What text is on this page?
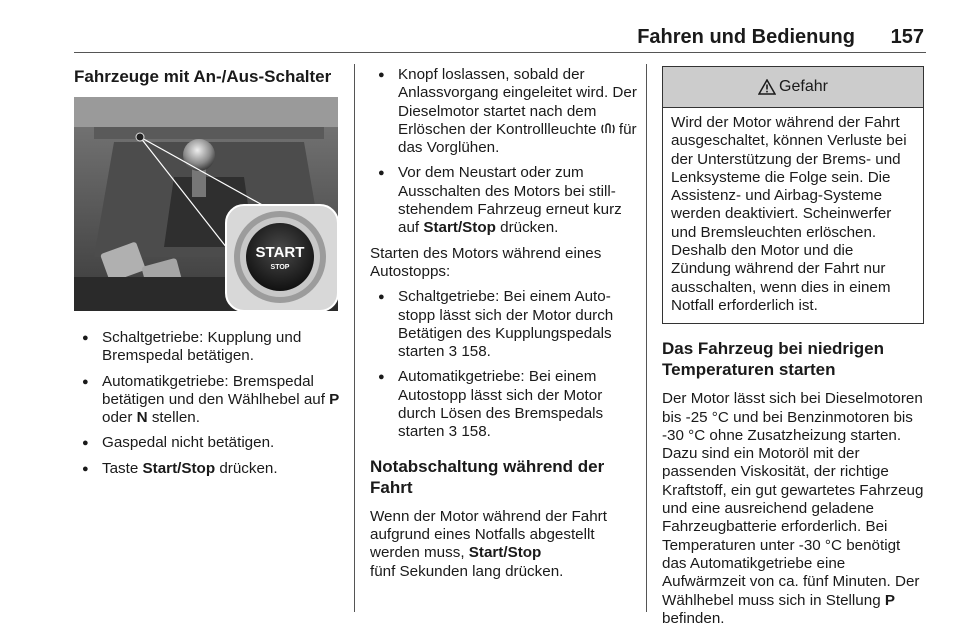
Fahren und Bedienung	157
Fahrzeuge mit An-/Aus-Schalter
START
STOP
● Schaltgetriebe: Kupplung und Bremspedal betätigen.
● Automatikgetriebe: Bremspedal betätigen und den Wählhebel auf P oder N stellen.
● Gaspedal nicht betätigen.
● Taste Start/Stop drücken.
● Knopf loslassen, sobald der Anlassvorgang eingeleitet wird. Der Dieselmotor startet nach dem Erlöschen der Kontrollleuchte  für das Vorglühen.
● Vor dem Neustart oder zum Ausschalten des Motors bei stillstehendem Fahrzeug erneut kurz auf Start/Stop drücken.

Starten des Motors während eines Autostopps:

● Schaltgetriebe: Bei einem Autostopp lässt sich der Motor durch Betätigen des Kupplungspedals starten 3 158.
● Automatikgetriebe: Bei einem Autostopp lässt sich der Motor durch Lösen des Bremspedals starten 3 158.
Notabschaltung während der Fahrt

Wenn der Motor während der Fahrt aufgrund eines Notfalls abgestellt werden muss, Start/Stop
fünf Sekunden lang drücken.

Gefahr

Wird der Motor während der Fahrt ausgeschaltet, können Verluste bei der Unterstützung der Brems- und Lenksysteme die Folge sein. Die Assistenz- und Airbag-Systeme werden deaktiviert. Scheinwerfer und Bremsleuchten erlöschen. Deshalb den Motor und die Zündung während der Fahrt nur ausschalten, wenn dies in einem Notfall erforderlich ist.

Das Fahrzeug bei niedrigen Temperaturen starten

Der Motor lässt sich bei Dieselmotoren bis -25 °C und bei Benzinmotoren bis -30 °C ohne Zusatzheizung starten. Dazu sind ein Motoröl mit der passenden Viskosität, der richtige Kraftstoff, ein gut gewartetes Fahrzeug und eine ausreichend geladene Fahrzeugbatterie erforderlich. Bei Temperaturen unter -30 °C benötigt das Automatikgetriebe eine Aufwärmzeit von ca. fünf Minuten. Der Wählhebel muss sich in Stellung P befinden.
